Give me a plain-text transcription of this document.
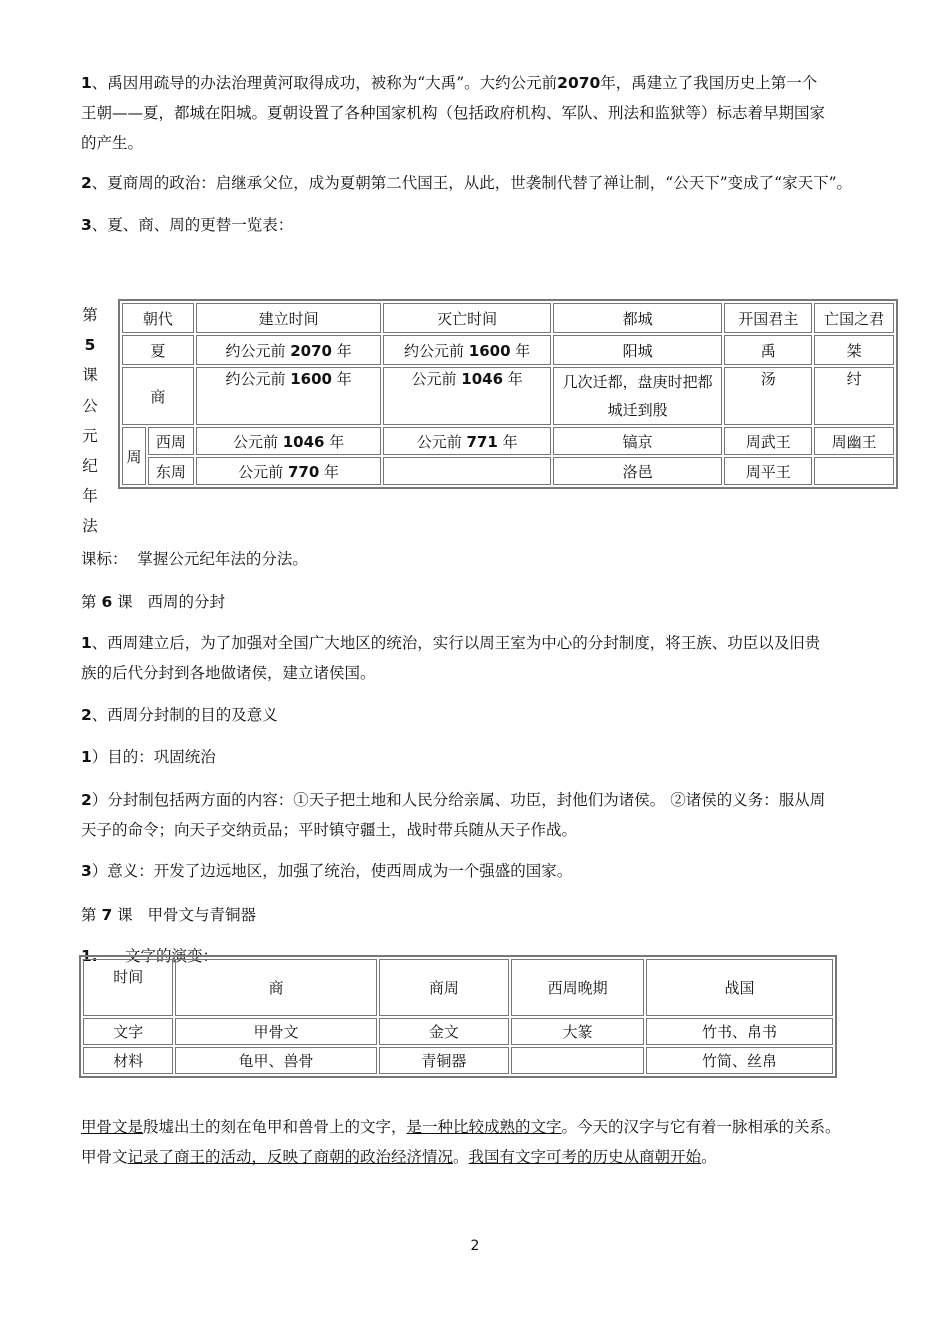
1、禹因用疏导的办法治理黄河取得成功，被称为“大禹”。大约公元前2070年，禹建立了我国历史上第一个
王朝——夏，都城在阳城。夏朝设置了各种国家机构（包括政府机构、军队、刑法和监狱等）标志着早期国家
的产生。
2、夏商周的政治：启继承父位，成为夏朝第二代国王，从此，世袭制代替了禅让制，“公天下”变成了“家天下”。
3、夏、商、周的更替一览表：
第
5
课
公
元
纪
年
法
朝代		建立时间	灭亡时间	都城	开国君主	亡国之君
夏		约公元前 2070 年	约公元前 1600 年	阳城	禹	桀
商		约公元前 1600 年	公元前 1046 年	几次迁都，盘庚时把都城迁到殷	汤	纣
周	西周	公元前 1046 年	公元前 771 年	镐京	周武王	周幽王
	东周	公元前 770 年		洛邑	周平王	
课标：  掌握公元纪年法的分法。
第 6 课   西周的分封
1、西周建立后，为了加强对全国广大地区的统治，实行以周王室为中心的分封制度，将王族、功臣以及旧贵
族的后代分封到各地做诸侯，建立诸侯国。
2、西周分封制的目的及意义
1）目的：巩固统治
2）分封制包括两方面的内容：①天子把土地和人民分给亲属、功臣，封他们为诸侯。 ②诸侯的义务：服从周
天子的命令；向天子交纳贡品；平时镇守疆土，战时带兵随从天子作战。
3）意义：开发了边远地区，加强了统治，使西周成为一个强盛的国家。
第 7 课   甲骨文与青铜器
1. 文字的演变：
时间	商	商周	西周晚期	战国
文字	甲骨文	金文	大篆	竹书、帛书
材料	龟甲、兽骨	青铜器		竹简、丝帛
甲骨文是殷墟出土的刻在龟甲和兽骨上的文字，是一种比较成熟的文字。今天的汉字与它有着一脉相承的关系。
甲骨文记录了商王的活动，反映了商朝的政治经济情况。我国有文字可考的历史从商朝开始。
2
